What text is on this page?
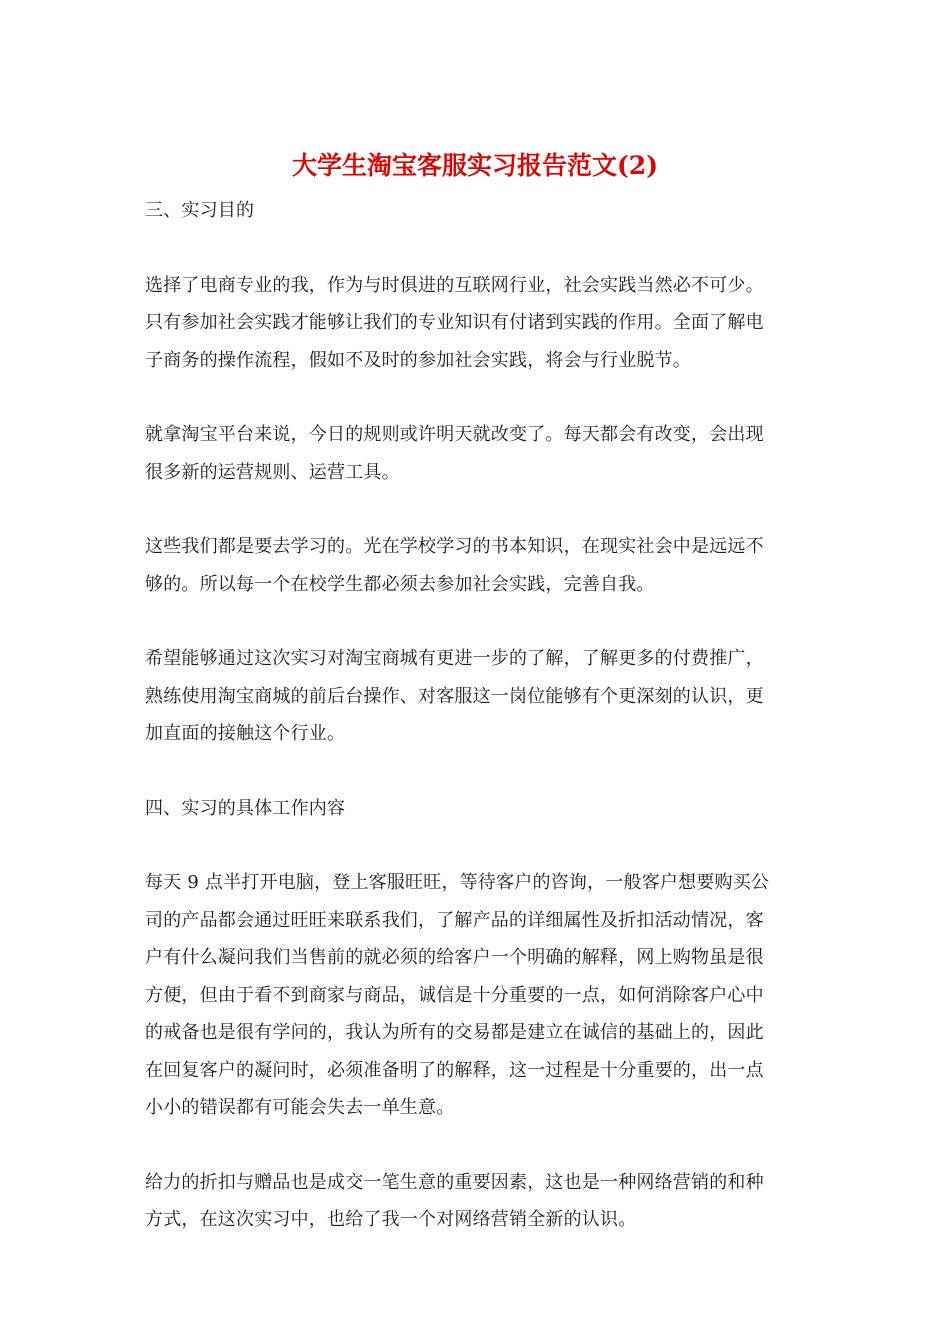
大学生淘宝客服实习报告范文(2)

三、实习目的

选择了电商专业的我，作为与时俱进的互联网行业，社会实践当然必不可少。
只有参加社会实践才能够让我们的专业知识有付诸到实践的作用。全面了解电
子商务的操作流程，假如不及时的参加社会实践，将会与行业脱节。

就拿淘宝平台来说，今日的规则或许明天就改变了。每天都会有改变，会出现
很多新的运营规则、运营工具。

这些我们都是要去学习的。光在学校学习的书本知识，在现实社会中是远远不
够的。所以每一个在校学生都必须去参加社会实践，完善自我。

希望能够通过这次实习对淘宝商城有更进一步的了解，了解更多的付费推广，
熟练使用淘宝商城的前后台操作、对客服这一岗位能够有个更深刻的认识，更
加直面的接触这个行业。

四、实习的具体工作内容

每天 9 点半打开电脑，登上客服旺旺，等待客户的咨询，一般客户想要购买公
司的产品都会通过旺旺来联系我们，了解产品的详细属性及折扣活动情况，客
户有什么凝问我们当售前的就必须的给客户一个明确的解释，网上购物虽是很
方便，但由于看不到商家与商品，诚信是十分重要的一点，如何消除客户心中
的戒备也是很有学问的，我认为所有的交易都是建立在诚信的基础上的，因此
在回复客户的凝问时，必须准备明了的解释，这一过程是十分重要的，出一点
小小的错误都有可能会失去一单生意。

给力的折扣与赠品也是成交一笔生意的重要因素，这也是一种网络营销的和种
方式，在这次实习中，也给了我一个对网络营销全新的认识。
